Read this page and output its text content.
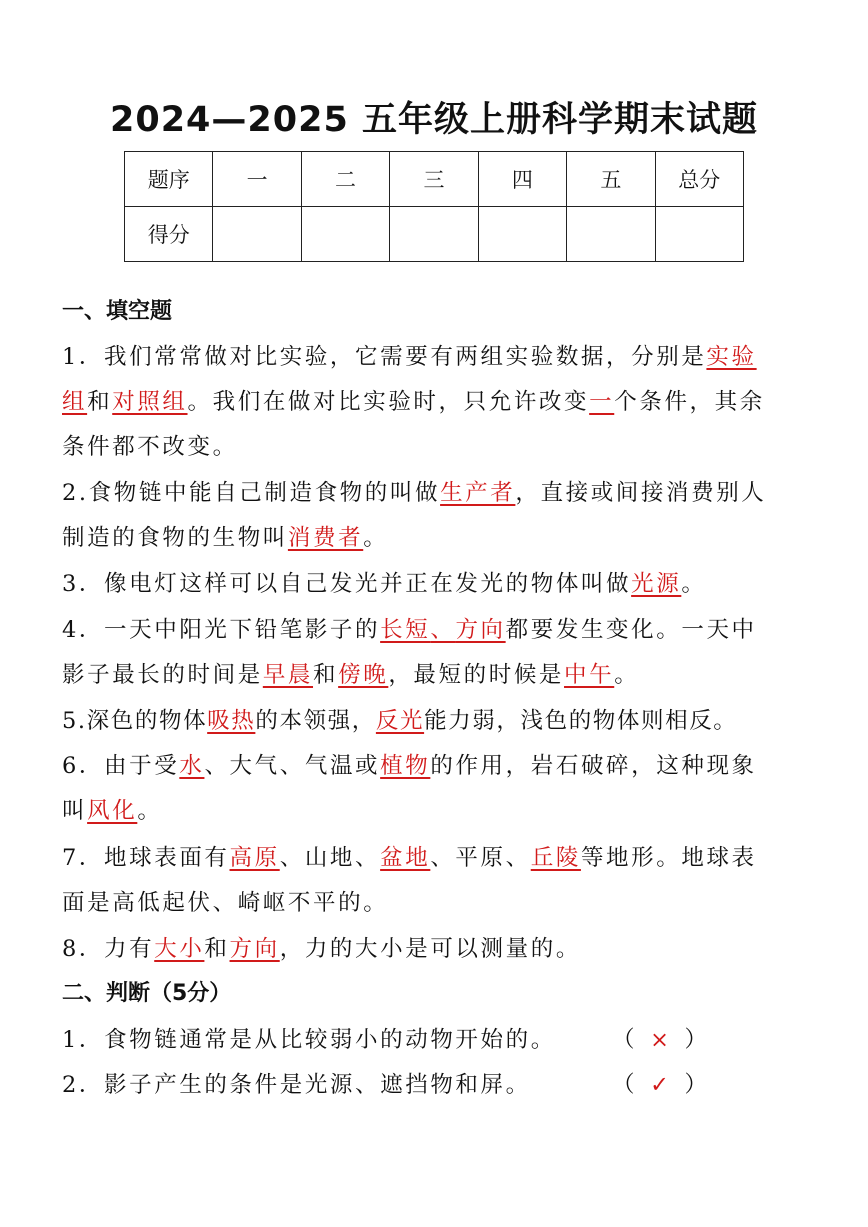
2024—2025 五年级上册科学期末试题
题序	一	二	三	四	五	总分
得分						
一、填空题
1．我们常常做对比实验，它需要有两组实验数据，分别是实验
组和对照组。我们在做对比实验时，只允许改变一个条件，其余
条件都不改变。
2.食物链中能自己制造食物的叫做生产者，直接或间接消费别人
制造的食物的生物叫消费者。
3．像电灯这样可以自己发光并正在发光的物体叫做光源。
4．一天中阳光下铅笔影子的长短、方向都要发生变化。一天中
影子最长的时间是早晨和傍晚，最短的时候是中午。
5.深色的物体吸热的本领强，反光能力弱，浅色的物体则相反。
6．由于受水、大气、气温或植物的作用，岩石破碎，这种现象
叫风化。
7．地球表面有高原、山地、盆地、平原、丘陵等地形。地球表
面是高低起伏、崎岖不平的。
8．力有大小和方向，力的大小是可以测量的。
二、判断（5分）
1．食物链通常是从比较弱小的动物开始的。 （ × ）
2．影子产生的条件是光源、遮挡物和屏。	（ ✓ ）
